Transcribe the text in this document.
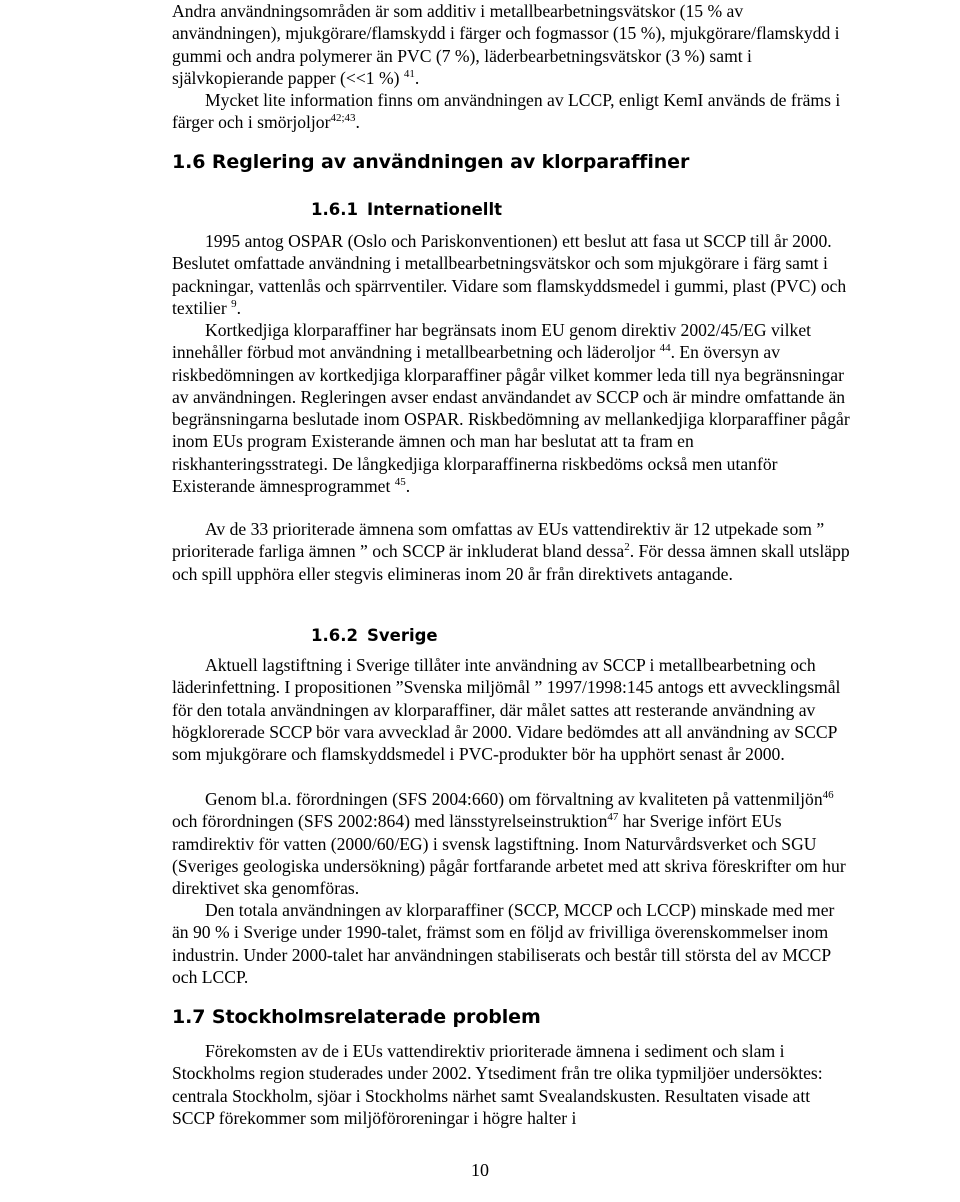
Andra användningsområden är som additiv i metallbearbetningsvätskor (15 % av användningen), mjukgörare/flamskydd i färger och fogmassor (15 %), mjukgörare/flamskydd i gummi och andra polymerer än PVC (7 %), läderbearbetningsvätskor (3 %) samt i självkopierande papper (<<1 %) $^{41}$.

Mycket lite information finns om användningen av LCCP, enligt KemI används de främs i färger och i smörjoljor$^{42;43}$.

1.6 Reglering av användningen av klorparaffiner
1.6.1 Internationellt

1995 antog OSPAR (Oslo och Pariskonventionen) ett beslut att fasa ut SCCP till år 2000. Beslutet omfattade användning i metallbearbetningsvätskor och som mjukgörare i färg samt i packningar, vattenlås och spärrventiler. Vidare som flamskyddsmedel i gummi, plast (PVC) och textilier $^9$.

Kortkedjiga klorparaffiner har begränsats inom EU genom direktiv 2002/45/EG vilket innehåller förbud mot användning i metallbearbetning och läderoljor $^{44}$. En översyn av riskbedömningen av kortkedjiga klorparaffiner pågår vilket kommer leda till nya begränsningar av användningen. Regleringen avser endast användandet av SCCP och är mindre omfattande än begränsningarna beslutade inom OSPAR. Riskbedömning av mellankedjiga klorparaffiner pågår inom EUs program Existerande ämnen och man har beslutat att ta fram en riskhanteringsstrategi. De långkedjiga klorparaffinerna riskbedöms också men utanför Existerande ämnesprogrammet $^{45}$.

Av de 33 prioriterade ämnena som omfattas av EUs vattendirektiv är 12 utpekade som ” prioriterade farliga ämnen ” och SCCP är inkluderat bland dessa$^2$. För dessa ämnen skall utsläpp och spill upphöra eller stegvis elimineras inom 20 år från direktivets antagande.

1.6.2 Sverige

Aktuell lagstiftning i Sverige tillåter inte användning av SCCP i metallbearbetning och läderinfettning. I propositionen ”Svenska miljömål ” 1997/1998:145 antogs ett avvecklingsmål för den totala användningen av klorparaffiner, där målet sattes att resterande användning av högklorerade SCCP bör vara avvecklad år 2000. Vidare bedömdes att all användning av SCCP som mjukgörare och flamskyddsmedel i PVC-produkter bör ha upphört senast år 2000.

Genom bl.a. förordningen (SFS 2004:660) om förvaltning av kvaliteten på vattenmiljön$^{46}$ och förordningen (SFS 2002:864) med länsstyrelseinstruktion$^{47}$ har Sverige infört EUs ramdirektiv för vatten (2000/60/EG) i svensk lagstiftning. Inom Naturvårdsverket och SGU (Sveriges geologiska undersökning) pågår fortfarande arbetet med att skriva föreskrifter om hur direktivet ska genomföras.

Den totala användningen av klorparaffiner (SCCP, MCCP och LCCP) minskade med mer än 90 % i Sverige under 1990-talet, främst som en följd av frivilliga överenskommelser inom industrin. Under 2000-talet har användningen stabiliserats och består till största del av MCCP och LCCP.

1.7 Stockholmsrelaterade problem

Förekomsten av de i EUs vattendirektiv prioriterade ämnena i sediment och slam i Stockholms region studerades under 2002. Ytsediment från tre olika typmiljöer undersöktes: centrala Stockholm, sjöar i Stockholms närhet samt Svealandskusten. Resultaten visade att SCCP förekommer som miljöföroreningar i högre halter i

10
